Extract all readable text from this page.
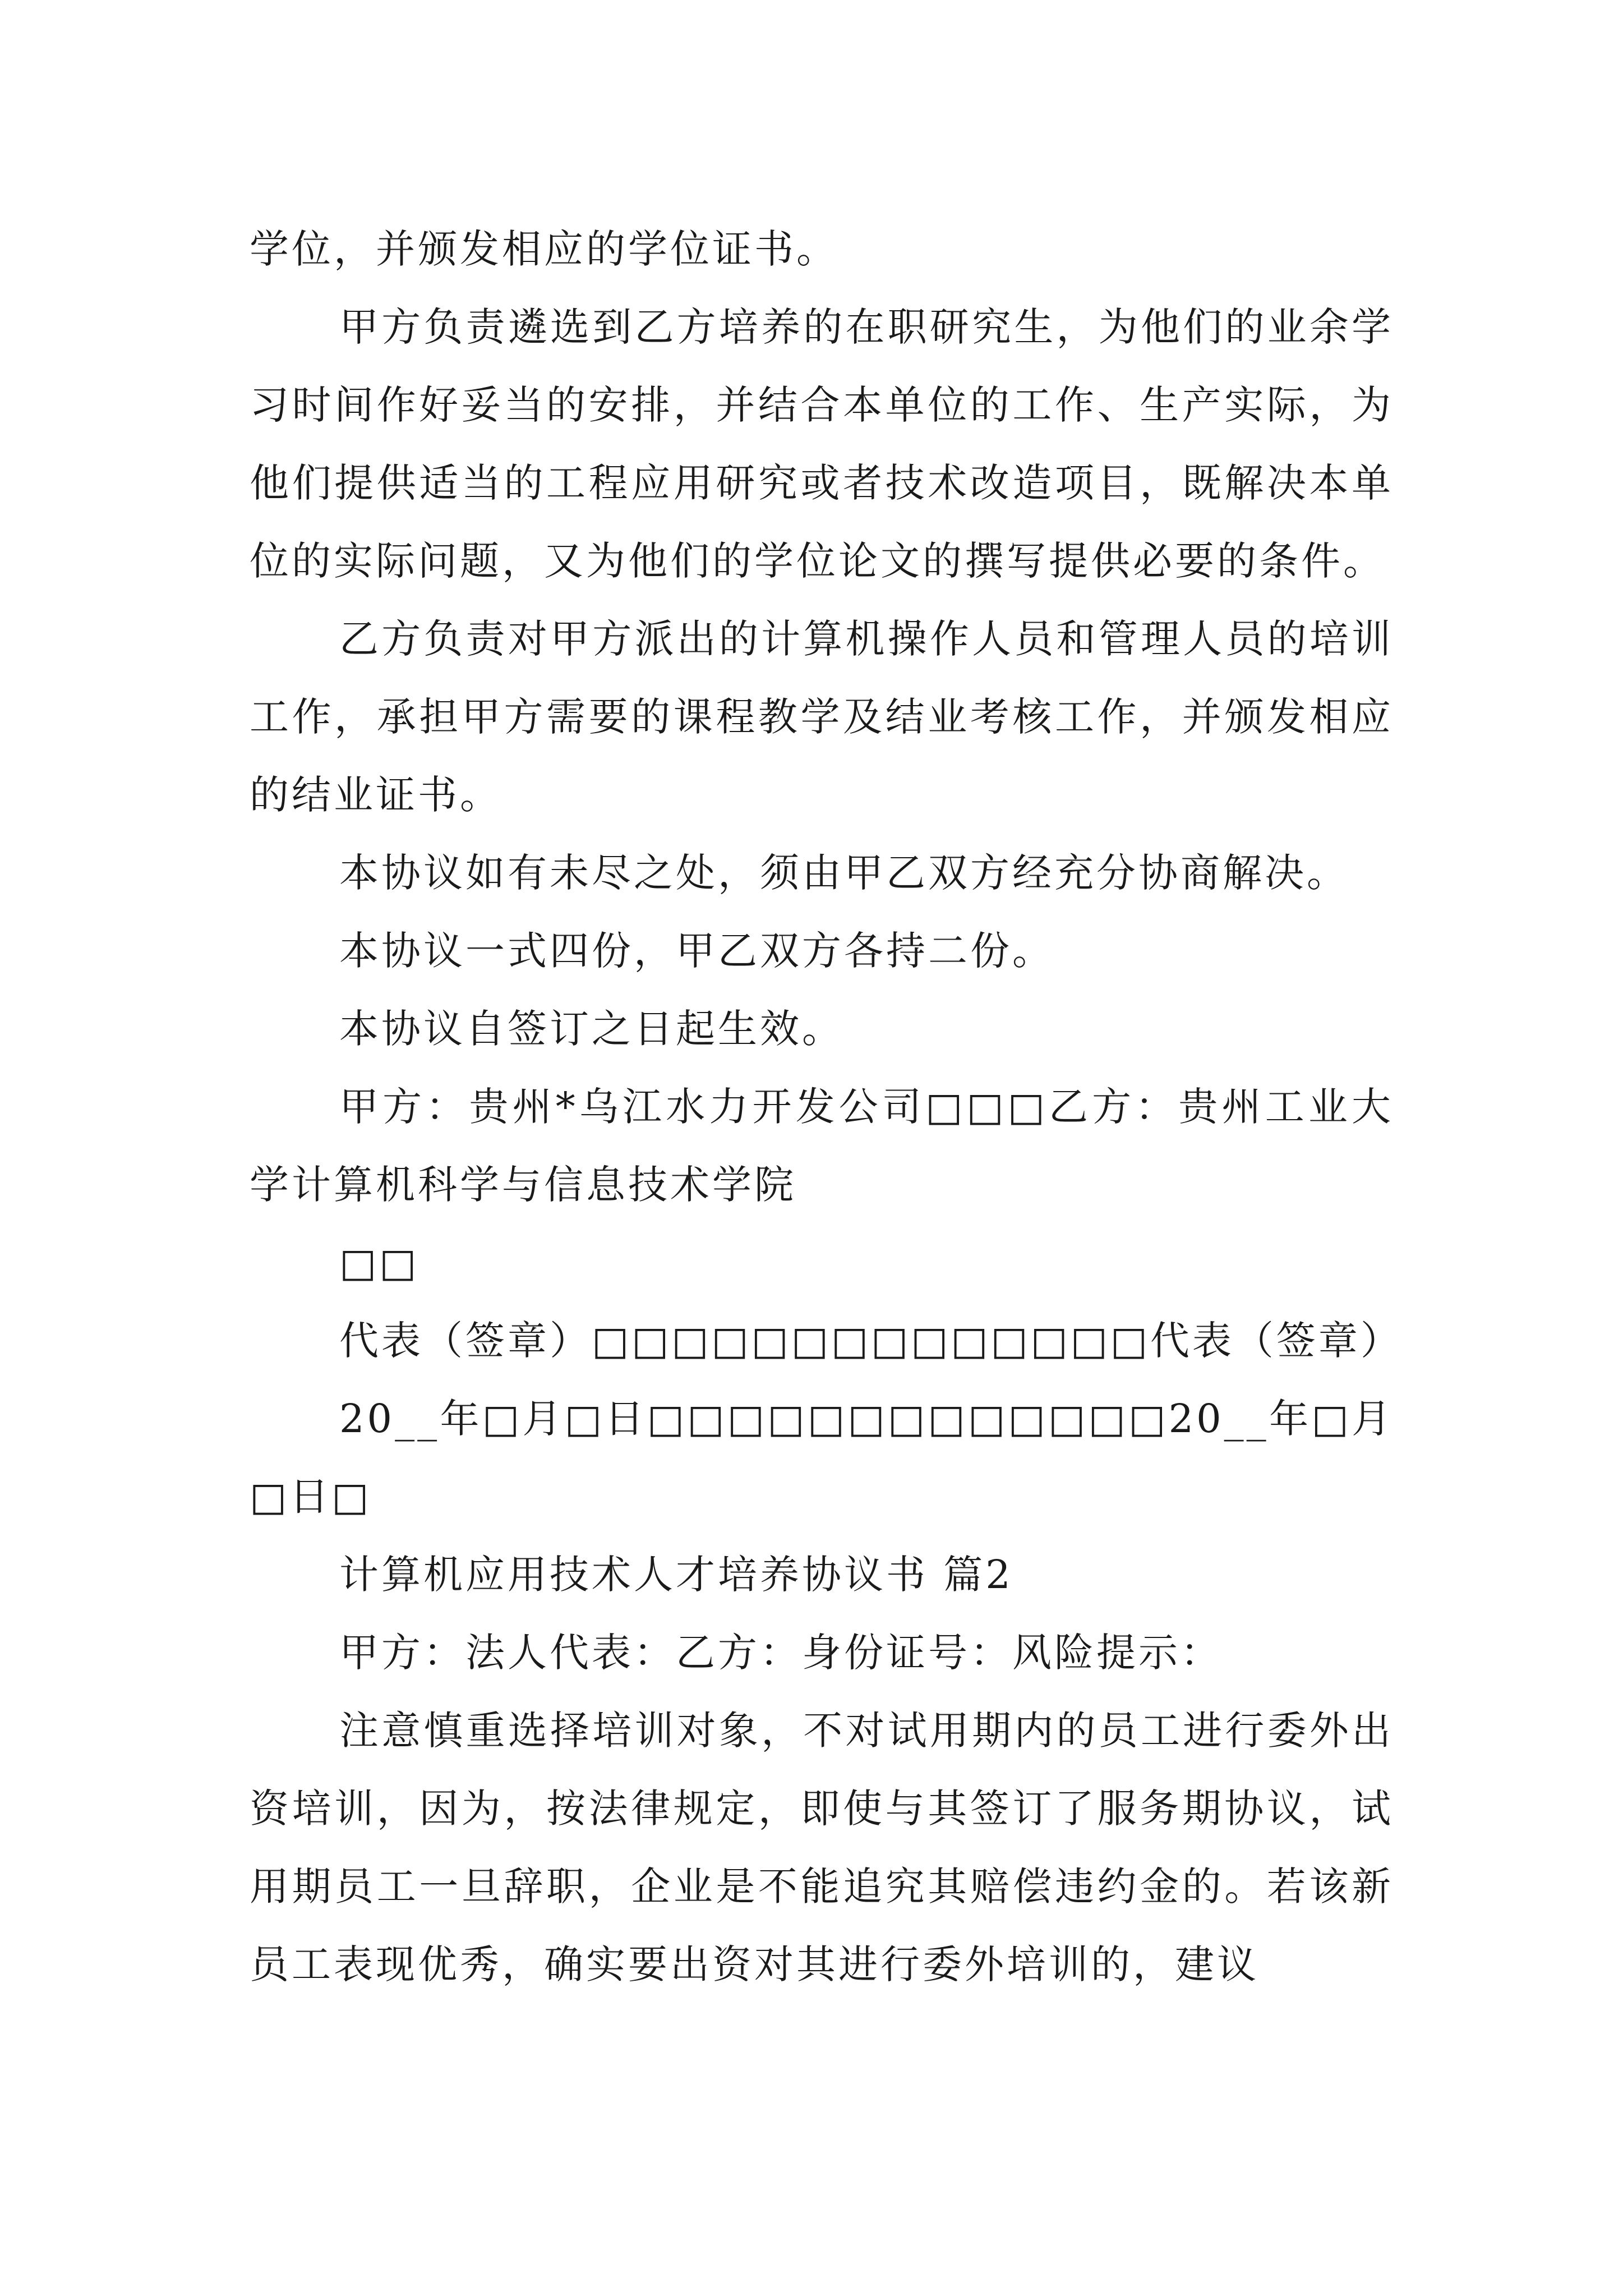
学位，并颁发相应的学位证书。

甲方负责遴选到乙方培养的在职研究生，为他们的业余学习时间作好妥当的安排，并结合本单位的工作、生产实际，为他们提供适当的工程应用研究或者技术改造项目，既解决本单位的实际问题，又为他们的学位论文的撰写提供必要的条件。

乙方负责对甲方派出的计算机操作人员和管理人员的培训工作，承担甲方需要的课程教学及结业考核工作，并颁发相应的结业证书。

本协议如有未尽之处，须由甲乙双方经充分协商解决。

本协议一式四份，甲乙双方各持二份。

本协议自签订之日起生效。

甲方：贵州*乌江水力开发公司□□□乙方：贵州工业大学计算机科学与信息技术学院

□□

代表（签章）□□□□□□□□□□□□□□代表（签章）

20__年□月□日□□□□□□□□□□□□□20__年□月□日□

计算机应用技术人才培养协议书 篇2

甲方：法人代表：乙方：身份证号：风险提示：

注意慎重选择培训对象，不对试用期内的员工进行委外出资培训，因为，按法律规定，即使与其签订了服务期协议，试用期员工一旦辞职，企业是不能追究其赔偿违约金的。若该新员工表现优秀，确实要出资对其进行委外培训的，建议
